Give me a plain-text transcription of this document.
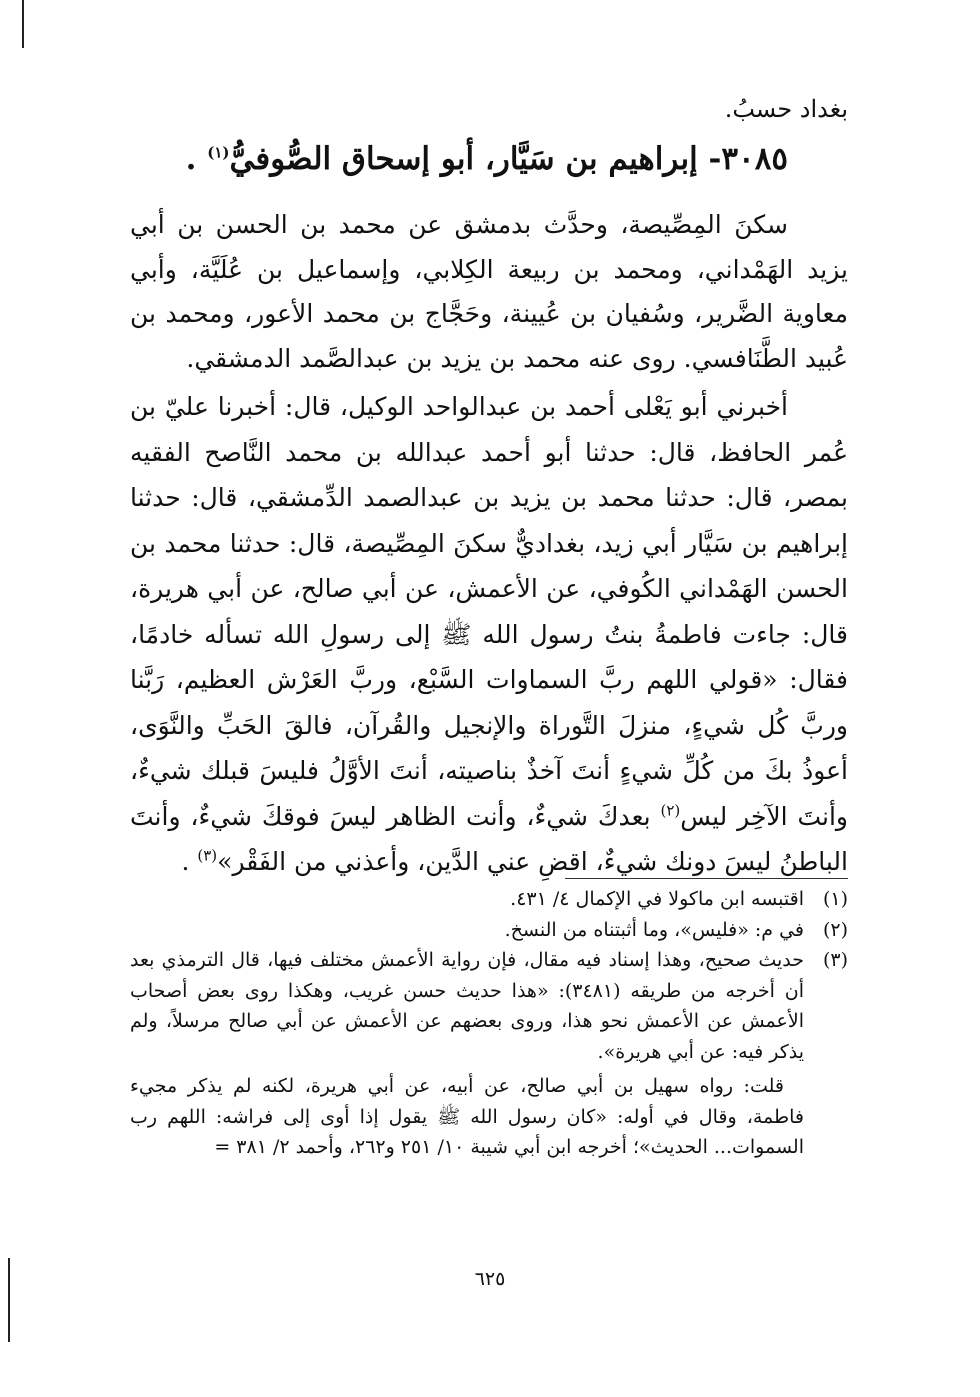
بغداد حسبُ.
٣٠٨٥- إبراهيم بن سَيَّار، أبو إسحاق الصُّوفيُّ$^{(١)}$ .
سكنَ المِصِّيصة، وحدَّث بدمشق عن محمد بن الحسن بن أبي يزيد الهَمْداني، ومحمد بن ربيعة الكِلابي، وإسماعيل بن عُلَيَّة، وأبي معاوية الضَّرير، وسُفيان بن عُيينة، وحَجَّاج بن محمد الأعور، ومحمد بن عُبيد الطَّنَافسي. روى عنه محمد بن يزيد بن عبدالصَّمد الدمشقي.
أخبرني أبو يَعْلى أحمد بن عبدالواحد الوكيل، قال: أخبرنا عليّ بن عُمر الحافظ، قال: حدثنا أبو أحمد عبدالله بن محمد النَّاصح الفقيه بمصر، قال: حدثنا محمد بن يزيد بن عبدالصمد الدِّمشقي، قال: حدثنا إبراهيم بن سَيَّار أبي زيد، بغداديٌّ سكنَ المِصِّيصة، قال: حدثنا محمد بن الحسن الهَمْداني الكُوفي، عن الأعمش، عن أبي صالح، عن أبي هريرة، قال: جاءت فاطمةُ بنتُ رسول الله ﷺ إلى رسولِ الله تسأله خادمًا، فقال: «قولي اللهم ربَّ السماوات السَّبْع، وربَّ العَرْش العظيم، رَبَّنا وربَّ كُل شيءٍ، منزلَ التَّوراة والإنجيل والقُرآن، فالقَ الحَبِّ والنَّوَى، أعوذُ بكَ من كُلِّ شيءٍ أنتَ آخذٌ بناصيته، أنتَ الأوَّلُ فليسَ قبلك شيءٌ، وأنتَ الآخِر ليس$^{(٢)}$ بعدكَ شيءٌ، وأنت الظاهر ليسَ فوقكَ شيءٌ، وأنتَ الباطنُ ليسَ دونك شيءٌ، اقضِ عني الدَّين، وأعذني من الفَقْر»$^{(٣)}$ .
(١)
اقتبسه ابن ماكولا في الإكمال ٤/ ٤٣١.
(٢)
في م: «فليس»، وما أثبتناه من النسخ.
(٣)
حديث صحيح، وهذا إسناد فيه مقال، فإن رواية الأعمش مختلف فيها، قال الترمذي بعد أن أخرجه من طريقه (٣٤٨١): «هذا حديث حسن غريب، وهكذا روى بعض أصحاب الأعمش عن الأعمش نحو هذا، وروى بعضهم عن الأعمش عن أبي صالح مرسلاً، ولم يذكر فيه: عن أبي هريرة».
قلت: رواه سهيل بن أبي صالح، عن أبيه، عن أبي هريرة، لكنه لم يذكر مجيء فاطمة، وقال في أوله: «كان رسول الله ﷺ يقول إذا أوى إلى فراشه: اللهم رب السموات... الحديث»؛ أخرجه ابن أبي شيبة ١٠/ ٢٥١ و٢٦٢، وأحمد ٢/ ٣٨١ =
٦٢٥
